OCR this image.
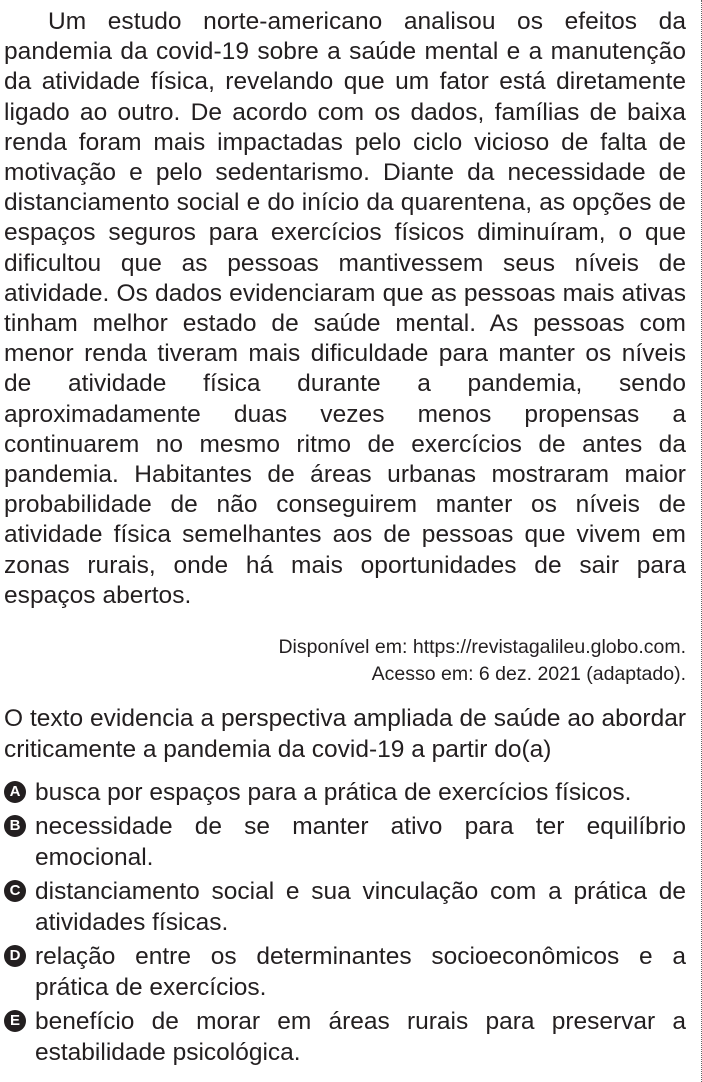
Um estudo norte-americano analisou os efeitos da pandemia da covid-19 sobre a saúde mental e a manutenção da atividade física, revelando que um fator está diretamente ligado ao outro. De acordo com os dados, famílias de baixa renda foram mais impactadas pelo ciclo vicioso de falta de motivação e pelo sedentarismo. Diante da necessidade de distanciamento social e do início da quarentena, as opções de espaços seguros para exercícios físicos diminuíram, o que dificultou que as pessoas mantivessem seus níveis de atividade. Os dados evidenciaram que as pessoas mais ativas tinham melhor estado de saúde mental. As pessoas com menor renda tiveram mais dificuldade para manter os níveis de atividade física durante a pandemia, sendo aproximadamente duas vezes menos propensas a continuarem no mesmo ritmo de exercícios de antes da pandemia. Habitantes de áreas urbanas mostraram maior probabilidade de não conseguirem manter os níveis de atividade física semelhantes aos de pessoas que vivem em zonas rurais, onde há mais oportunidades de sair para espaços abertos.

Disponível em: https://revistagalileu.globo.com.
Acesso em: 6 dez. 2021 (adaptado).

O texto evidencia a perspectiva ampliada de saúde ao abordar criticamente a pandemia da covid-19 a partir do(a)

A busca por espaços para a prática de exercícios físicos.
B necessidade de se manter ativo para ter equilíbrio emocional.
C distanciamento social e sua vinculação com a prática de atividades físicas.
D relação entre os determinantes socioeconômicos e a prática de exercícios.
E benefício de morar em áreas rurais para preservar a estabilidade psicológica.
